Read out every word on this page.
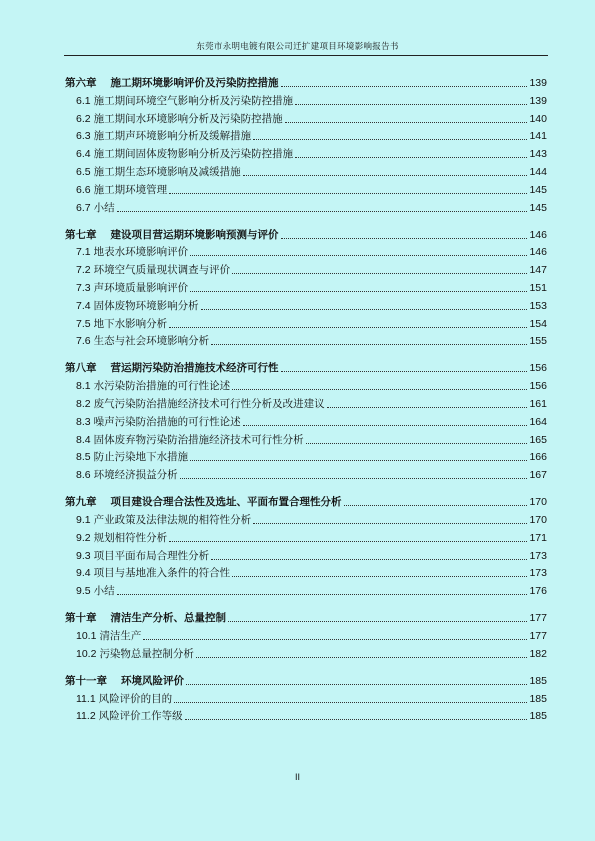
东莞市永明电镀有限公司迁扩建项目环境影响报告书
第六章 施工期环境影响评价及污染防控措施	139
6.1 施工期间环境空气影响分析及污染防控措施	139
6.2 施工期间水环境影响分析及污染防控措施	140
6.3 施工期声环境影响分析及缓解措施	141
6.4 施工期间固体废物影响分析及污染防控措施	143
6.5 施工期生态环境影响及减缓措施	144
6.6 施工期环境管理	145
6.7 小结	145
第七章 建设项目营运期环境影响预测与评价	146
7.1 地表水环境影响评价	146
7.2 环境空气质量现状调查与评价	147
7.3 声环境质量影响评价	151
7.4 固体废物环境影响分析	153
7.5 地下水影响分析	154
7.6 生态与社会环境影响分析	155
第八章 营运期污染防治措施技术经济可行性	156
8.1 水污染防治措施的可行性论述	156
8.2 废气污染防治措施经济技术可行性分析及改进建议	161
8.3 噪声污染防治措施的可行性论述	164
8.4 固体废弃物污染防治措施经济技术可行性分析	165
8.5 防止污染地下水措施	166
8.6 环境经济损益分析	167
第九章 项目建设合理合法性及选址、平面布置合理性分析	170
9.1 产业政策及法律法规的相符性分析	170
9.2 规划相符性分析	171
9.3 项目平面布局合理性分析	173
9.4 项目与基地准入条件的符合性	173
9.5 小结	176
第十章 清洁生产分析、总量控制	177
10.1 清洁生产	177
10.2 污染物总量控制分析	182
第十一章 环境风险评价	185
11.1 风险评价的目的	185
11.2 风险评价工作等级	185
II
